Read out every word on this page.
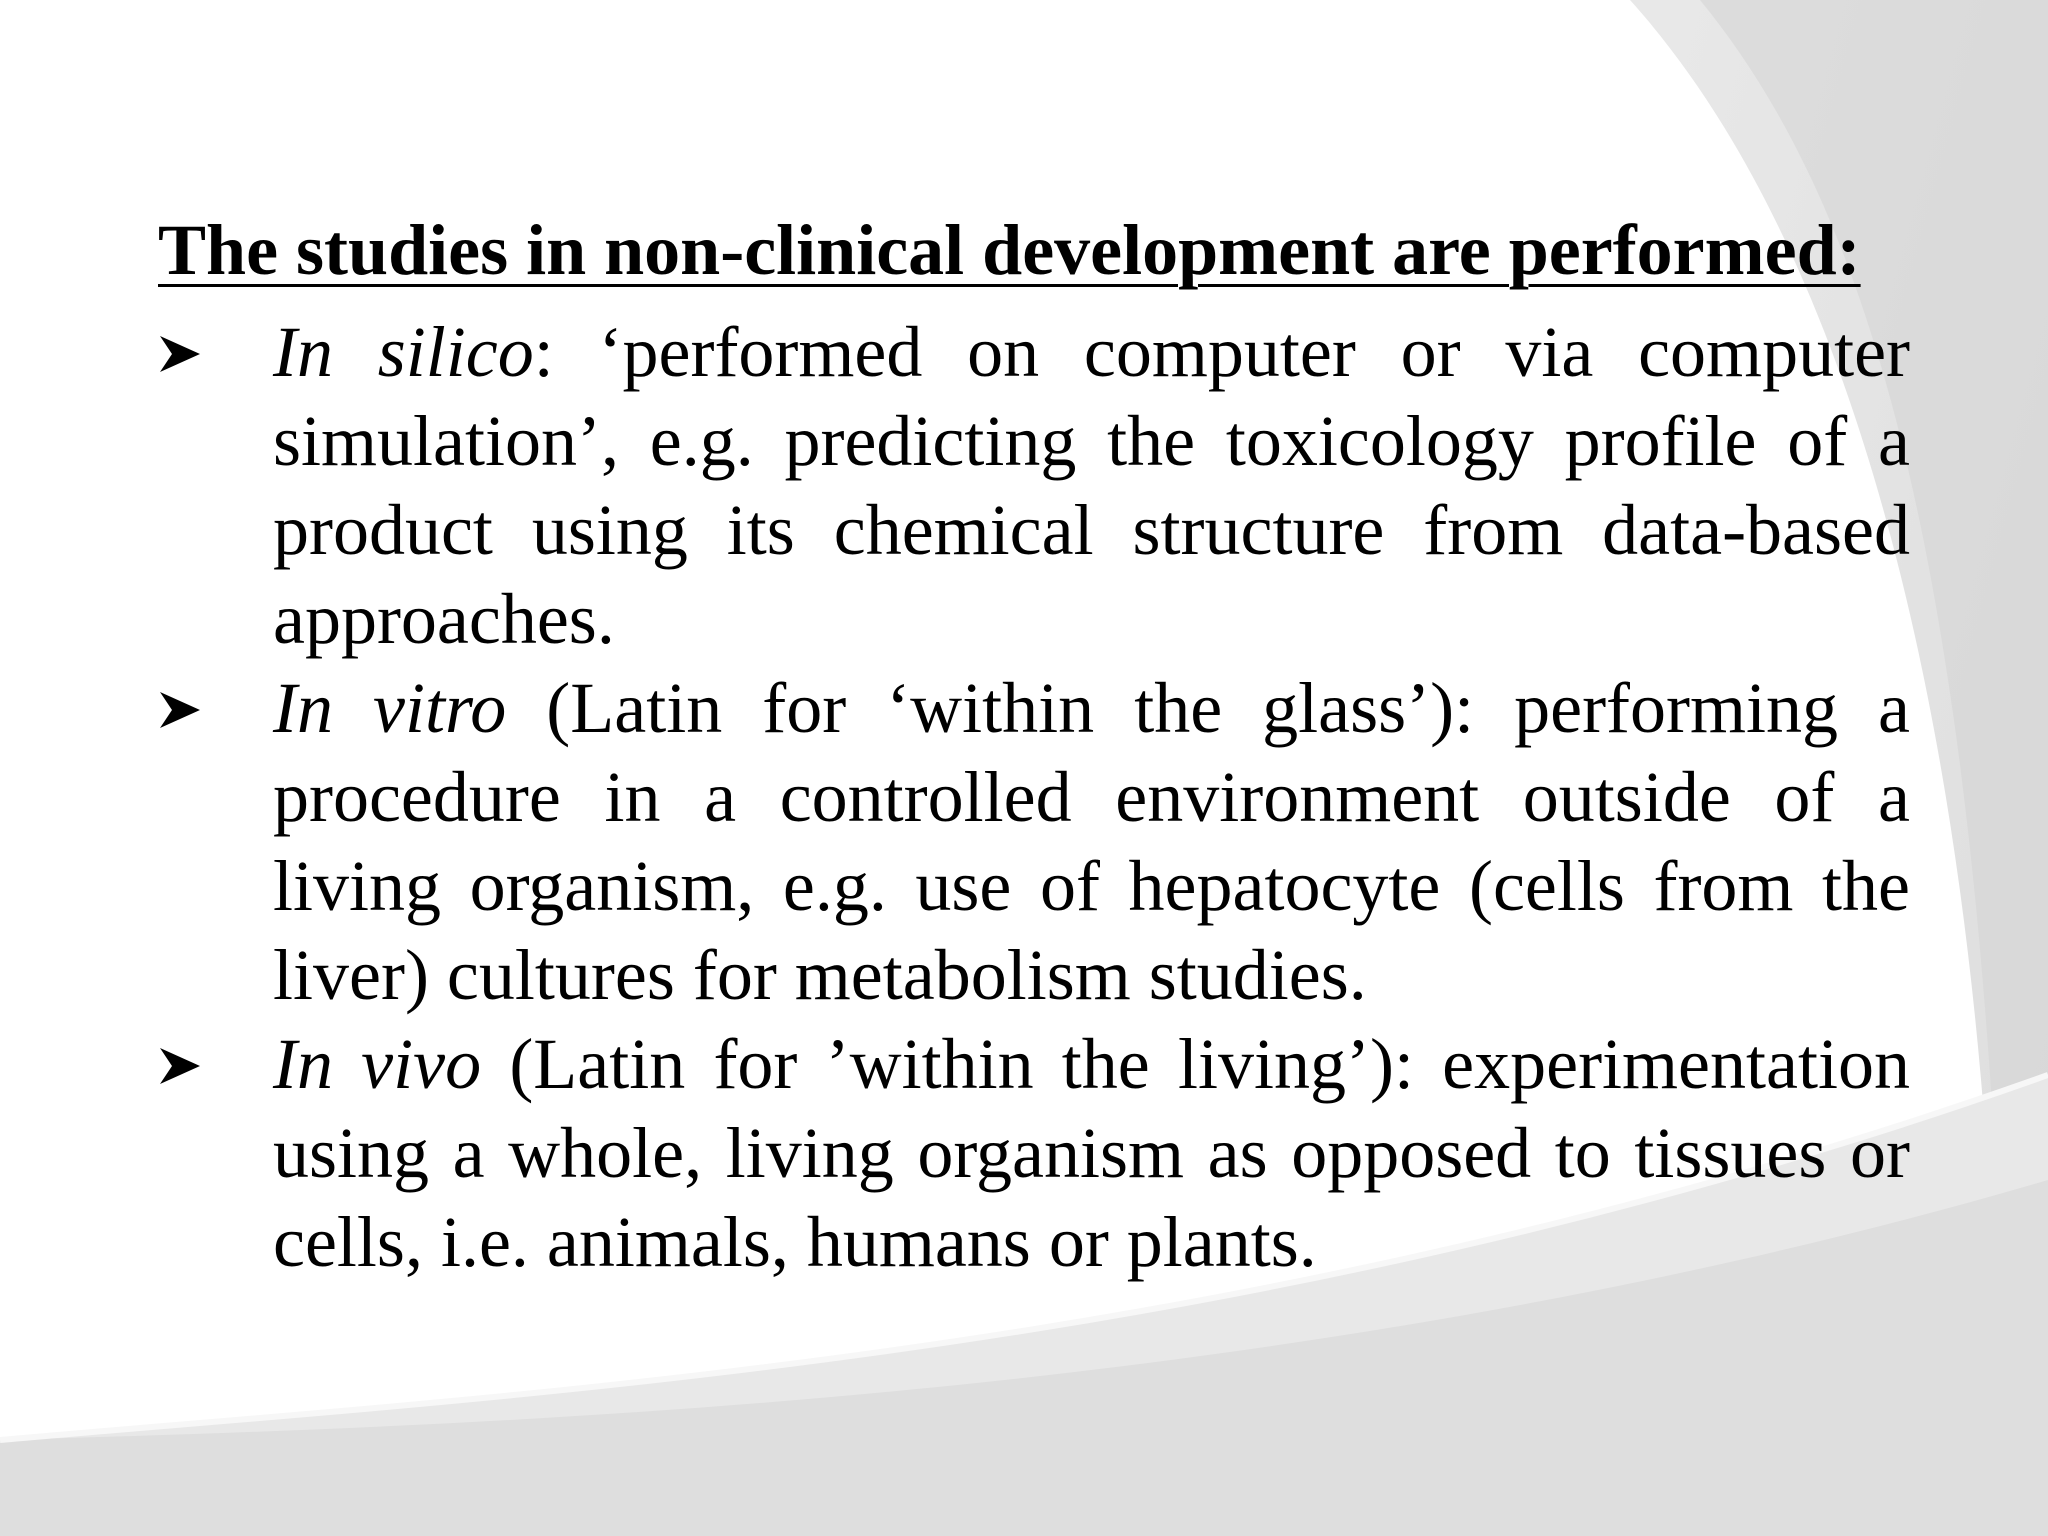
The studies in non-clinical development are performed:
In silico: ‘performed on computer or via computer simulation’, e.g. predicting the toxicology profile of a product using its chemical structure from data-based approaches.
In vitro (Latin for ‘within the glass’): performing a procedure in a controlled environment outside of a living organism, e.g. use of hepatocyte (cells from the liver) cultures for metabolism studies.
In vivo (Latin for ’within the living’): experimentation using a whole, living organism as opposed to tissues or cells, i.e. animals, humans or plants.
